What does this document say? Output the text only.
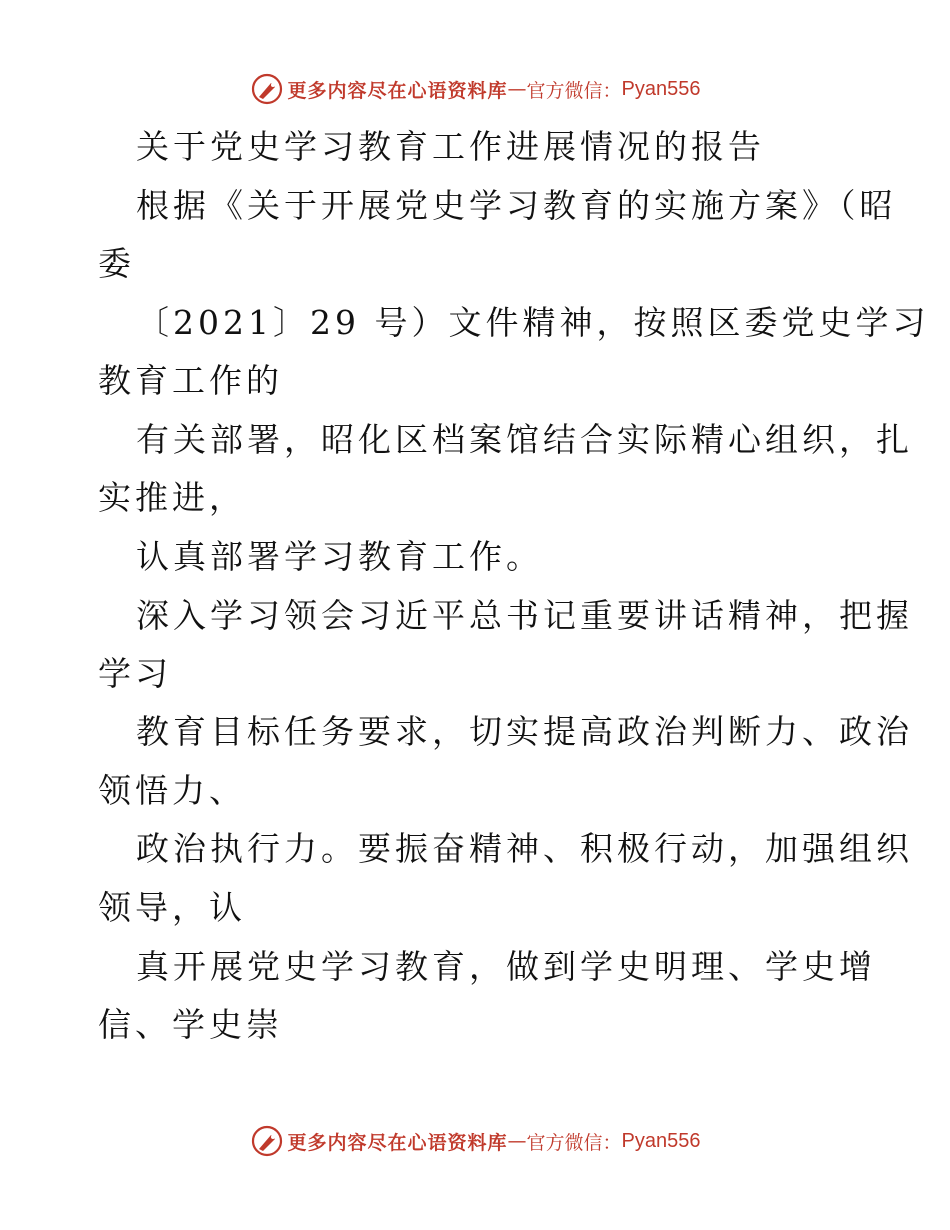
更多内容尽在心语资料库 — 官方微信： Pyan556
关于党史学习教育工作进展情况的报告
根据《关于开展党史学习教育的实施方案》（昭
委
〔2021〕29 号）文件精神，按照区委党史学习
教育工作的
有关部署，昭化区档案馆结合实际精心组织，扎
实推进，
认真部署学习教育工作。
深入学习领会习近平总书记重要讲话精神，把握
学习
教育目标任务要求，切实提高政治判断力、政治
领悟力、
政治执行力。要振奋精神、积极行动，加强组织
领导，认
真开展党史学习教育，做到学史明理、学史增
信、学史崇
更多内容尽在心语资料库 — 官方微信： Pyan556
